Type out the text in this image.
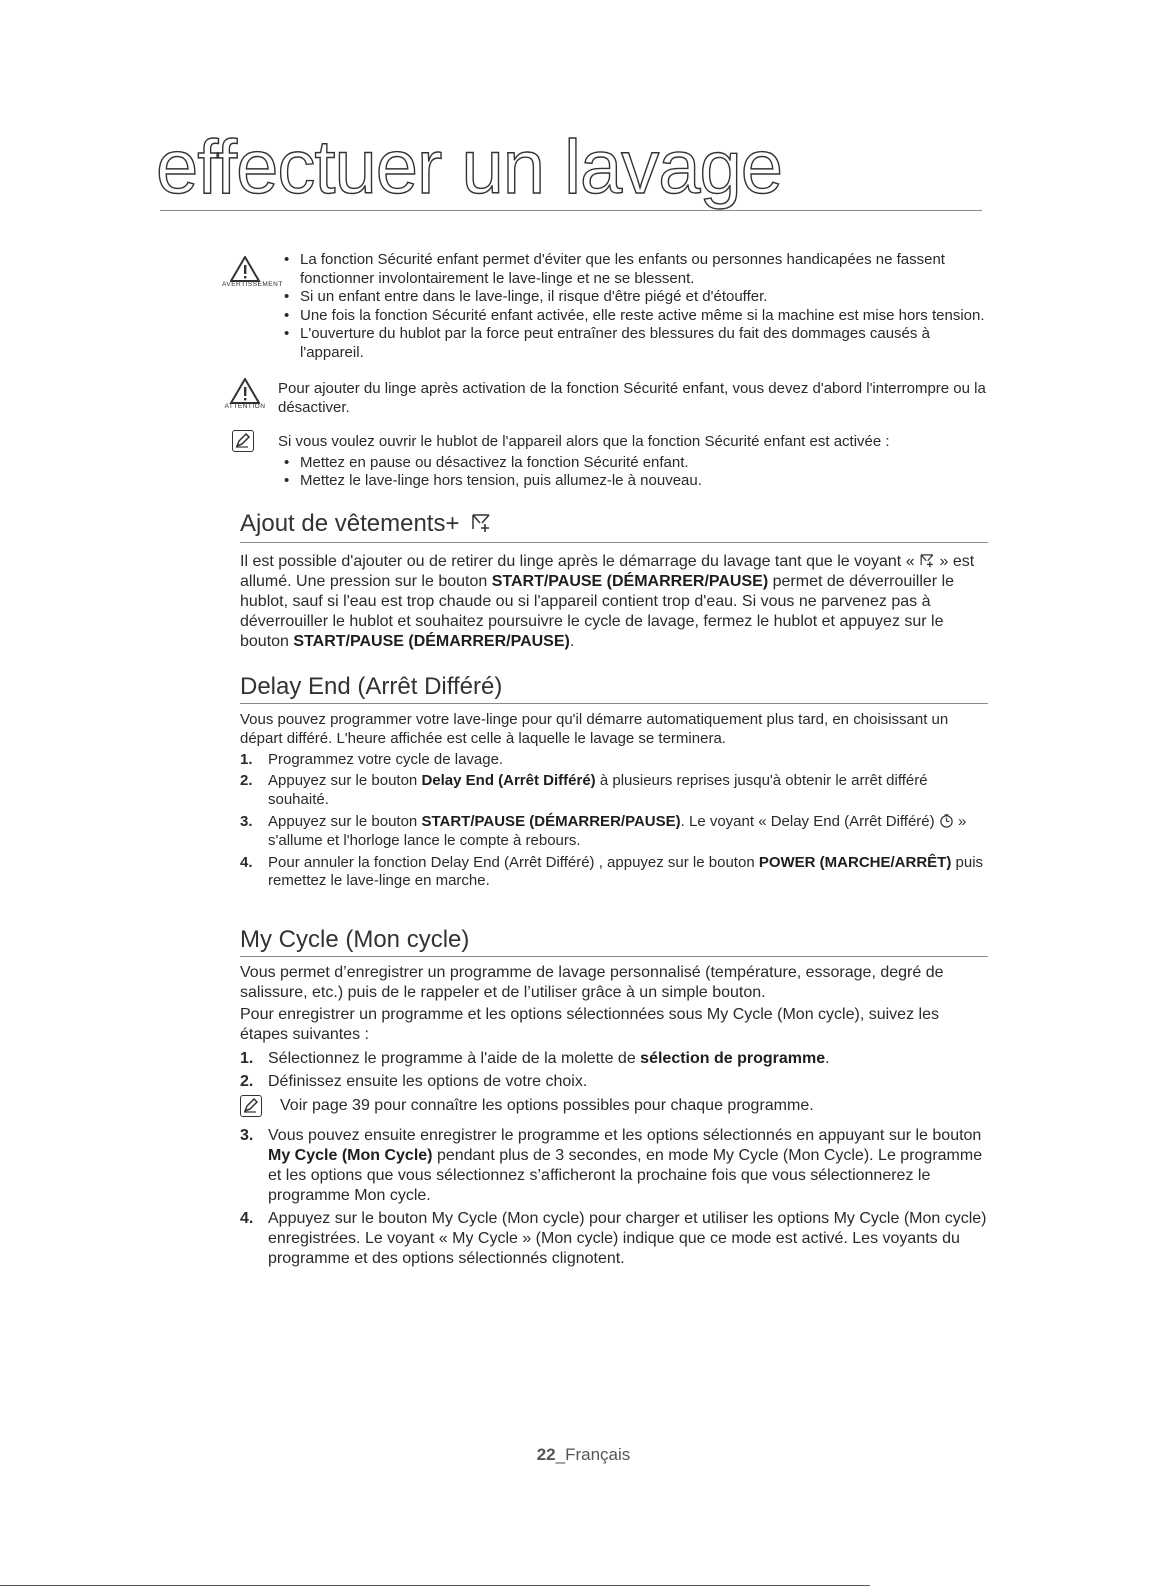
effectuer un lavage
AVERTISSEMENT
• La fonction Sécurité enfant permet d'éviter que les enfants ou personnes handicapées ne fassent fonctionner involontairement le lave-linge et ne se blessent.
• Si un enfant entre dans le lave-linge, il risque d'être piégé et d'étouffer.
• Une fois la fonction Sécurité enfant activée, elle reste active même si la machine est mise hors tension.
• L'ouverture du hublot par la force peut entraîner des blessures du fait des dommages causés à l'appareil.
ATTENTION

Pour ajouter du linge après activation de la fonction Sécurité enfant, vous devez d'abord l'interrompre ou la désactiver.

Si vous voulez ouvrir le hublot de l'appareil alors que la fonction Sécurité enfant est activée :

• Mettez en pause ou désactivez la fonction Sécurité enfant.
• Mettez le lave-linge hors tension, puis allumez-le à nouveau.
Ajout de vêtements+

Il est possible d'ajouter ou de retirer du linge après le démarrage du lavage tant que le voyant « » est allumé. Une pression sur le bouton START/PAUSE (DÉMARRER/PAUSE) permet de déverrouiller le hublot, sauf si l'eau est trop chaude ou si l'appareil contient trop d'eau. Si vous ne parvenez pas à déverrouiller le hublot et souhaitez poursuivre le cycle de lavage, fermez le hublot et appuyez sur le bouton START/PAUSE (DÉMARRER/PAUSE).

Delay End (Arrêt Différé)

Vous pouvez programmer votre lave-linge pour qu'il démarre automatiquement plus tard, en choisissant un départ différé. L'heure affichée est celle à laquelle le lavage se terminera.

1. Programmez votre cycle de lavage.
2. Appuyez sur le bouton Delay End (Arrêt Différé) à plusieurs reprises jusqu'à obtenir le arrêt différé souhaité.
3. Appuyez sur le bouton START/PAUSE (DÉMARRER/PAUSE). Le voyant « Delay End (Arrêt Différé) » s'allume et l'horloge lance le compte à rebours.
4. Pour annuler la fonction Delay End (Arrêt Différé) , appuyez sur le bouton POWER (MARCHE/ARRÊT) puis remettez le lave-linge en marche.
My Cycle (Mon cycle)

Vous permet d’enregistrer un programme de lavage personnalisé (température, essorage, degré de salissure, etc.) puis de le rappeler et de l’utiliser grâce à un simple bouton.

Pour enregistrer un programme et les options sélectionnées sous My Cycle (Mon cycle), suivez les étapes suivantes :

1. Sélectionnez le programme à l'aide de la molette de sélection de programme.
2. Définissez ensuite les options de votre choix.
Voir page 39 pour connaître les options possibles pour chaque programme.
3. Vous pouvez ensuite enregistrer le programme et les options sélectionnés en appuyant sur le bouton My Cycle (Mon Cycle) pendant plus de 3 secondes, en mode My Cycle (Mon Cycle). Le programme et les options que vous sélectionnez s’afficheront la prochaine fois que vous sélectionnerez le programme Mon cycle.
4. Appuyez sur le bouton My Cycle (Mon cycle) pour charger et utiliser les options My Cycle (Mon cycle) enregistrées. Le voyant « My Cycle » (Mon cycle) indique que ce mode est activé. Les voyants du programme et des options sélectionnés clignotent.
22_Français
